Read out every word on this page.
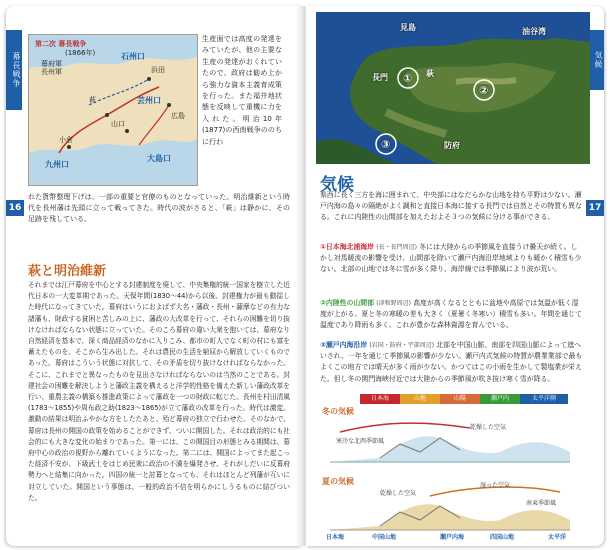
幕長戦争
第二次 幕長戦争
(1866年)
幕府軍
長州軍
石州口
芸州口
九州口
大島口
浜田
萩
広島
小倉
山口
生産面では高度の発達をみていたが、他の主要な生産の発達がおくれていたので、政府は勧め上から強力な資本主義育成策を行った。また福井地状態を反映して重機に力を入れた。明治10年(1877)の西南戦争ののちに行わ
16
れた貨幣整理下げは、一部の重要と官僚のものとなっていった。明治維新という時代を長州藩は先頭に立って戦ってきた。時代の波がさると、「萩」は静かに、その足跡を残している。
萩と明治維新
それまでは江戸幕府を中心とする封建制度を廃して、中央集権的統一国家を樹立した近代日本の一大変革期であった。天保年間(1830〜44)から以後、封建権力が最も動揺した時代になってきていた。幕府はいうにおよばず大名・藩政・長州・薩摩などの有力な諸藩も、財政する貧困と苦しみの上に、藩政の大改革を行って、それらの困難を切り抜けなければならない状態に立っていた。そのころ幕府の違い大衆を抱いては、幕府なり自然経済を基本で、深く商品経済のなかに入りこみ、都市の町人でなく町の村にも富を蓄えたものを、そこから生み出した。それは農民の生活を窮屈から解放していくものであった。幕府はこういう状態に対抗して、その矛盾を切り抜けなければならなかった。そこに、これまでと異なったものを見出さなければならないのは当然のことである。封建社会の困難を解決しようと藩政主義を構えると洋学的性格を備えた新しい藩政改革を行い、重農主義の構築も推進政策によって藩政を一つの財政に転じた。長州を村田清風(1783〜1855)や周布政之助(1823〜1865)が立て藩政の改革を行った。時代は激変。激動の結果は明治ふやかな方をしたたあと、殆ど幕府の独立で行わせた。そのなかで、幕府は長州の開国の政策を始めることができず、ついに開国した。それは政治的にも社会的にも大きな変化の始まりであった。第一には、この開国目の形態とみる期間は、幕府中心の政治の視野から離れていくようになった。第二には、開国によってまた起こった経済不安が、下級武士をはじめ民衆に政治の不満を爆発させ、それがしだいに反幕府勢力へと結集に向かった。四国の統一と討幕となっても、それはほとんど列藩が互いに対立していた。開国という事態は、一般的政治不信を明らかにしうるものに結びついた。
気候
見島	油谷湾
長門	萩
防府
①
②
③
気候
17
県西に長く三方を海に囲まれて、中央部にはなだらかな山地を持ち平野は少ない。瀬戸内海の島々の隔絶がよく調和と直接日本海に接する長門では自然とその特質も異なる。これに内陸性の山間部を加えたおよそ３つの気候に分ける事ができる。
①日本海北浦海岸 (長・長門周辺) 冬には大陸からの季節風を直接うけ曇天が続く。しかし対馬暖流の影響を受け、山間部を除いて瀬戸内海沿岸地域よりも暖かく積雪も少ない。北部の山地では冬に雪が多く降り、海岸線では季節風により波が荒い。
②内陸性の山間部 (津和野周辺) 高度が高くなるとともに盆地や高原では気温が低く湿度が上がる。夏と冬の寒暖の差も大きく（夏暑く冬寒い）積雪も多い。年間を通じて温度であり降雨も多く、これが豊かな森林資源を育んでいる。
③瀬戸内海沿岸 (岩国・防府・宇部周辺) 北部を中国山脈、南部を四国山脈によって遮へいされ、一年を通じて季節風の影響が少ない。瀬戸内式気候の特質が農業業部で最もよくこの地方では晴天が多く雨が少ない。かつてはこの小雨を生かして製塩業が栄えた。但し冬の関門海峡付近では大陸からの季節風が吹き抜け寒く雪が降る。
冬の気候
夏の気候
日本海	山地	山陽	瀬戸内	太平洋側
寒冷な北西季節風
乾燥した空気
乾燥した空気
湿った空気
南東季節風
日本海	中国山地	瀬戸内海	四国山地	太平洋
